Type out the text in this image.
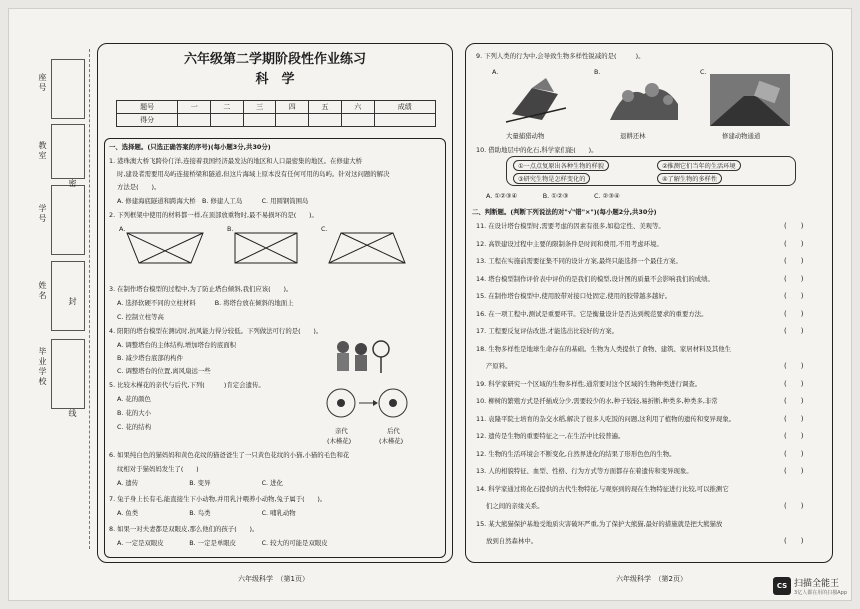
座号
教室
学号
密
姓名	封
毕业学校
线
六年级第二学期阶段性作业练习
科　学
题号	一	二	三	四	五	六	成绩
得分							
一、选择题。(只选正确答案的序号)(每小题3分,共30分)
1. 港珠澳大桥飞跨伶仃洋,连接着我国经济最发达的地区和人口最密集的地区。在修建大桥
时,建设者需要用岛屿连接桥梁和隧道,但这片海域上原本没有任何可用的岛屿。针对这问题的解决
方法是(　　)。
A. 修建海底隧道和跨海大桥　B. 修建人工岛　　　C. 用圆钢筒围岛
2. 下列框架中使用的材料都一样,在顶部放重物时,最不易损坏的是(　　)。
A.	B.	C.
3. 在制作塔台模型的过程中,为了防止塔台倾斜,我们应该(　　)。
A. 选择软硬不同的立柱材料　　　B. 将塔台放在倾斜的地面上
C. 控制立柱等高
4. 阳阳的塔台模型在测试时,抗风能力得分较低。下列做法可行的是(　　)。
A. 调整塔台的主体结构,增加塔台的底面积
B. 减少塔台底部的构件
C. 调整塔台的位置,离风扇远一些
5. 比较木槿花的亲代与后代,下列(　　　)肯定会遗传。
A. 花的颜色
B. 花的大小
C. 花的结构	亲代	后代
(木槿花)	(木槿花)
6. 如果纯白色的猫妈妈和黄色花纹的猫爸爸生了一只黄色花纹的小猫,小猫的毛色和花
纹相对于猫妈妈发生了(　　)
A. 遗传　　　　　　　　B. 变异　　　　　　　　C. 进化
7. 兔子身上长有毛,能直接生下小动物,并用乳汁喂养小动物,兔子属于(　　)。
A. 鱼类　　　　　　　　B. 鸟类　　　　　　　　C. 哺乳动物
8. 如果一对夫妻都是双眼皮,那么他们的孩子(　　)。
A. 一定是双眼皮　　　　B. 一定是单眼皮　　　　C. 较大的可能是双眼皮
六年级科学　（第1页）
9. 下列人类的行为中,会导致生物多样性锐减的是(　　　)。
A.	B.	C.
大量捕猎动物	退耕还林	修建动物通道
10. 借助地层中的化石,科学家们能(　　)。
①一点点复原出各种生物的样貌	②推测它们当年的生活环境
③研究生物是怎样变化的	④了解生物的多样性
A. ①②③④　　　　B. ①②③　　　　C. ②③④
二、判断题。(判断下列说法的对"√"错"×")(每小题2分,共30分)
六年级科学　（第2页）
11. 在设计塔台模型时,需要考虑的因素有很多,如稳定性、美观等。	(　　)
12. 高铁建设过程中主要的限制条件是时间和费用,不用考虑环境。	(　　)
13. 工程在实施前需要征集不同的设计方案,最终只能选择一个最佳方案。	(　　)
14. 塔台模型制作评价表中评价的是我们的模型,设计图的质量不会影响我们的成绩。	(　　)
15. 在制作塔台模型中,使用胶带对接口处固定,使用的胶带越多越好。	(　　)
16. 在一项工程中,测试是重要环节。它是衡量设计是否达到规范要求的重要方法。	(　　)
17. 工程要反复评估改进,才能选出比较好的方案。	(　　)
18. 生物多样性是地球生命存在的基础。生物为人类提供了食物、建筑、家居材料及其他生
产原料。	(　　)
19. 科学家研究一个区域的生物多样性,通常要对这个区域的生物种类进行调查。	(　　)
10. 柳树的繁殖方式是扦插成分少,需要较少的水,种子较轻,易折断,种类多,种类多,非常	(　　)
11. 袁隆平院士培育的杂交水稻,解决了很多人吃饭的问题,这利用了植物的遗传和变异现象。	(　　)
12. 遗传是生物的重要特征之一,在生活中比较普遍。	(　　)
12. 生物的生活环境会不断变化,自然界进化的结果了形形色色的生物。	(　　)
13. 人的相貌特征、血型、性格、行为方式等方面都存在着遗传和变异现象。	(　　)
14. 科学家通过将化石提供的古代生物特征,与观察到的现在生物特征进行比较,可以推测它
们之间的亲缘关系。	(　　)
15. 某大熊猫保护基地受地质灾害破坏严重,为了保护大熊猫,最好的措施就是把大熊猫放
放到自然森林中。	(　　)
CS 扫描全能王
3亿人都在用的扫描App
